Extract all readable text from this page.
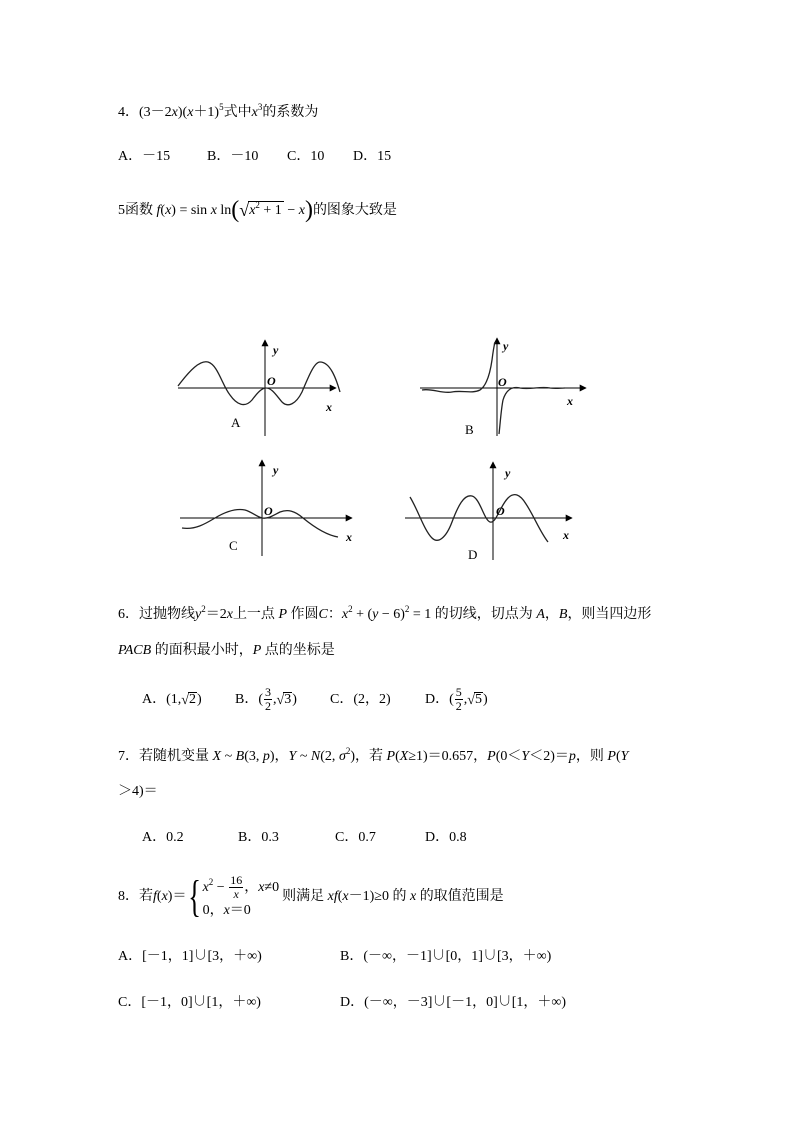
4．$(3-2x)(x+1)^5$式中$x^3$的系数为
A．－15	B．－10 C．10 D．15
5函数 f(x) = sin x $\ln(√x^2 + 1 - x)$的图象大致是
y
O
x
A
y
O
x
B
y
O
x
C
y
O
x
D
6．过抛物线$y^2=2x$上一点 P 作圆C：$x^2 + (y - 6)^2 = 1$ 的切线，切点为 A，B，则当四边形
PACB 的面积最小时，P 点的坐标是
A．(1,√2) B．( $\frac{3}{2} ,√3$) C．(2，2) D．( $\frac{5}{2} ,√5$)
7．若随机变量 X ~ B(3, p)，Y ~ N(2, $\sigma^2$)，若 P(X≥1)＝0.657，P(0＜Y＜2)＝p，则 P(Y
＞4)＝
A．0.2	B．0.3	C．0.7	D．0.8
8．若f(x)＝ { $x^2 - \frac{16}{x}$ ，x≠0
0，x＝0
则满足 xf(x－1)≥0 的 x 的取值范围是
A．[－1，1]∪[3，＋∞)	B．(－∞，－1]∪[0，1]∪[3，＋∞)
C．[－1，0]∪[1，＋∞)	D．(－∞，－3]∪[－1，0]∪[1，＋∞)
